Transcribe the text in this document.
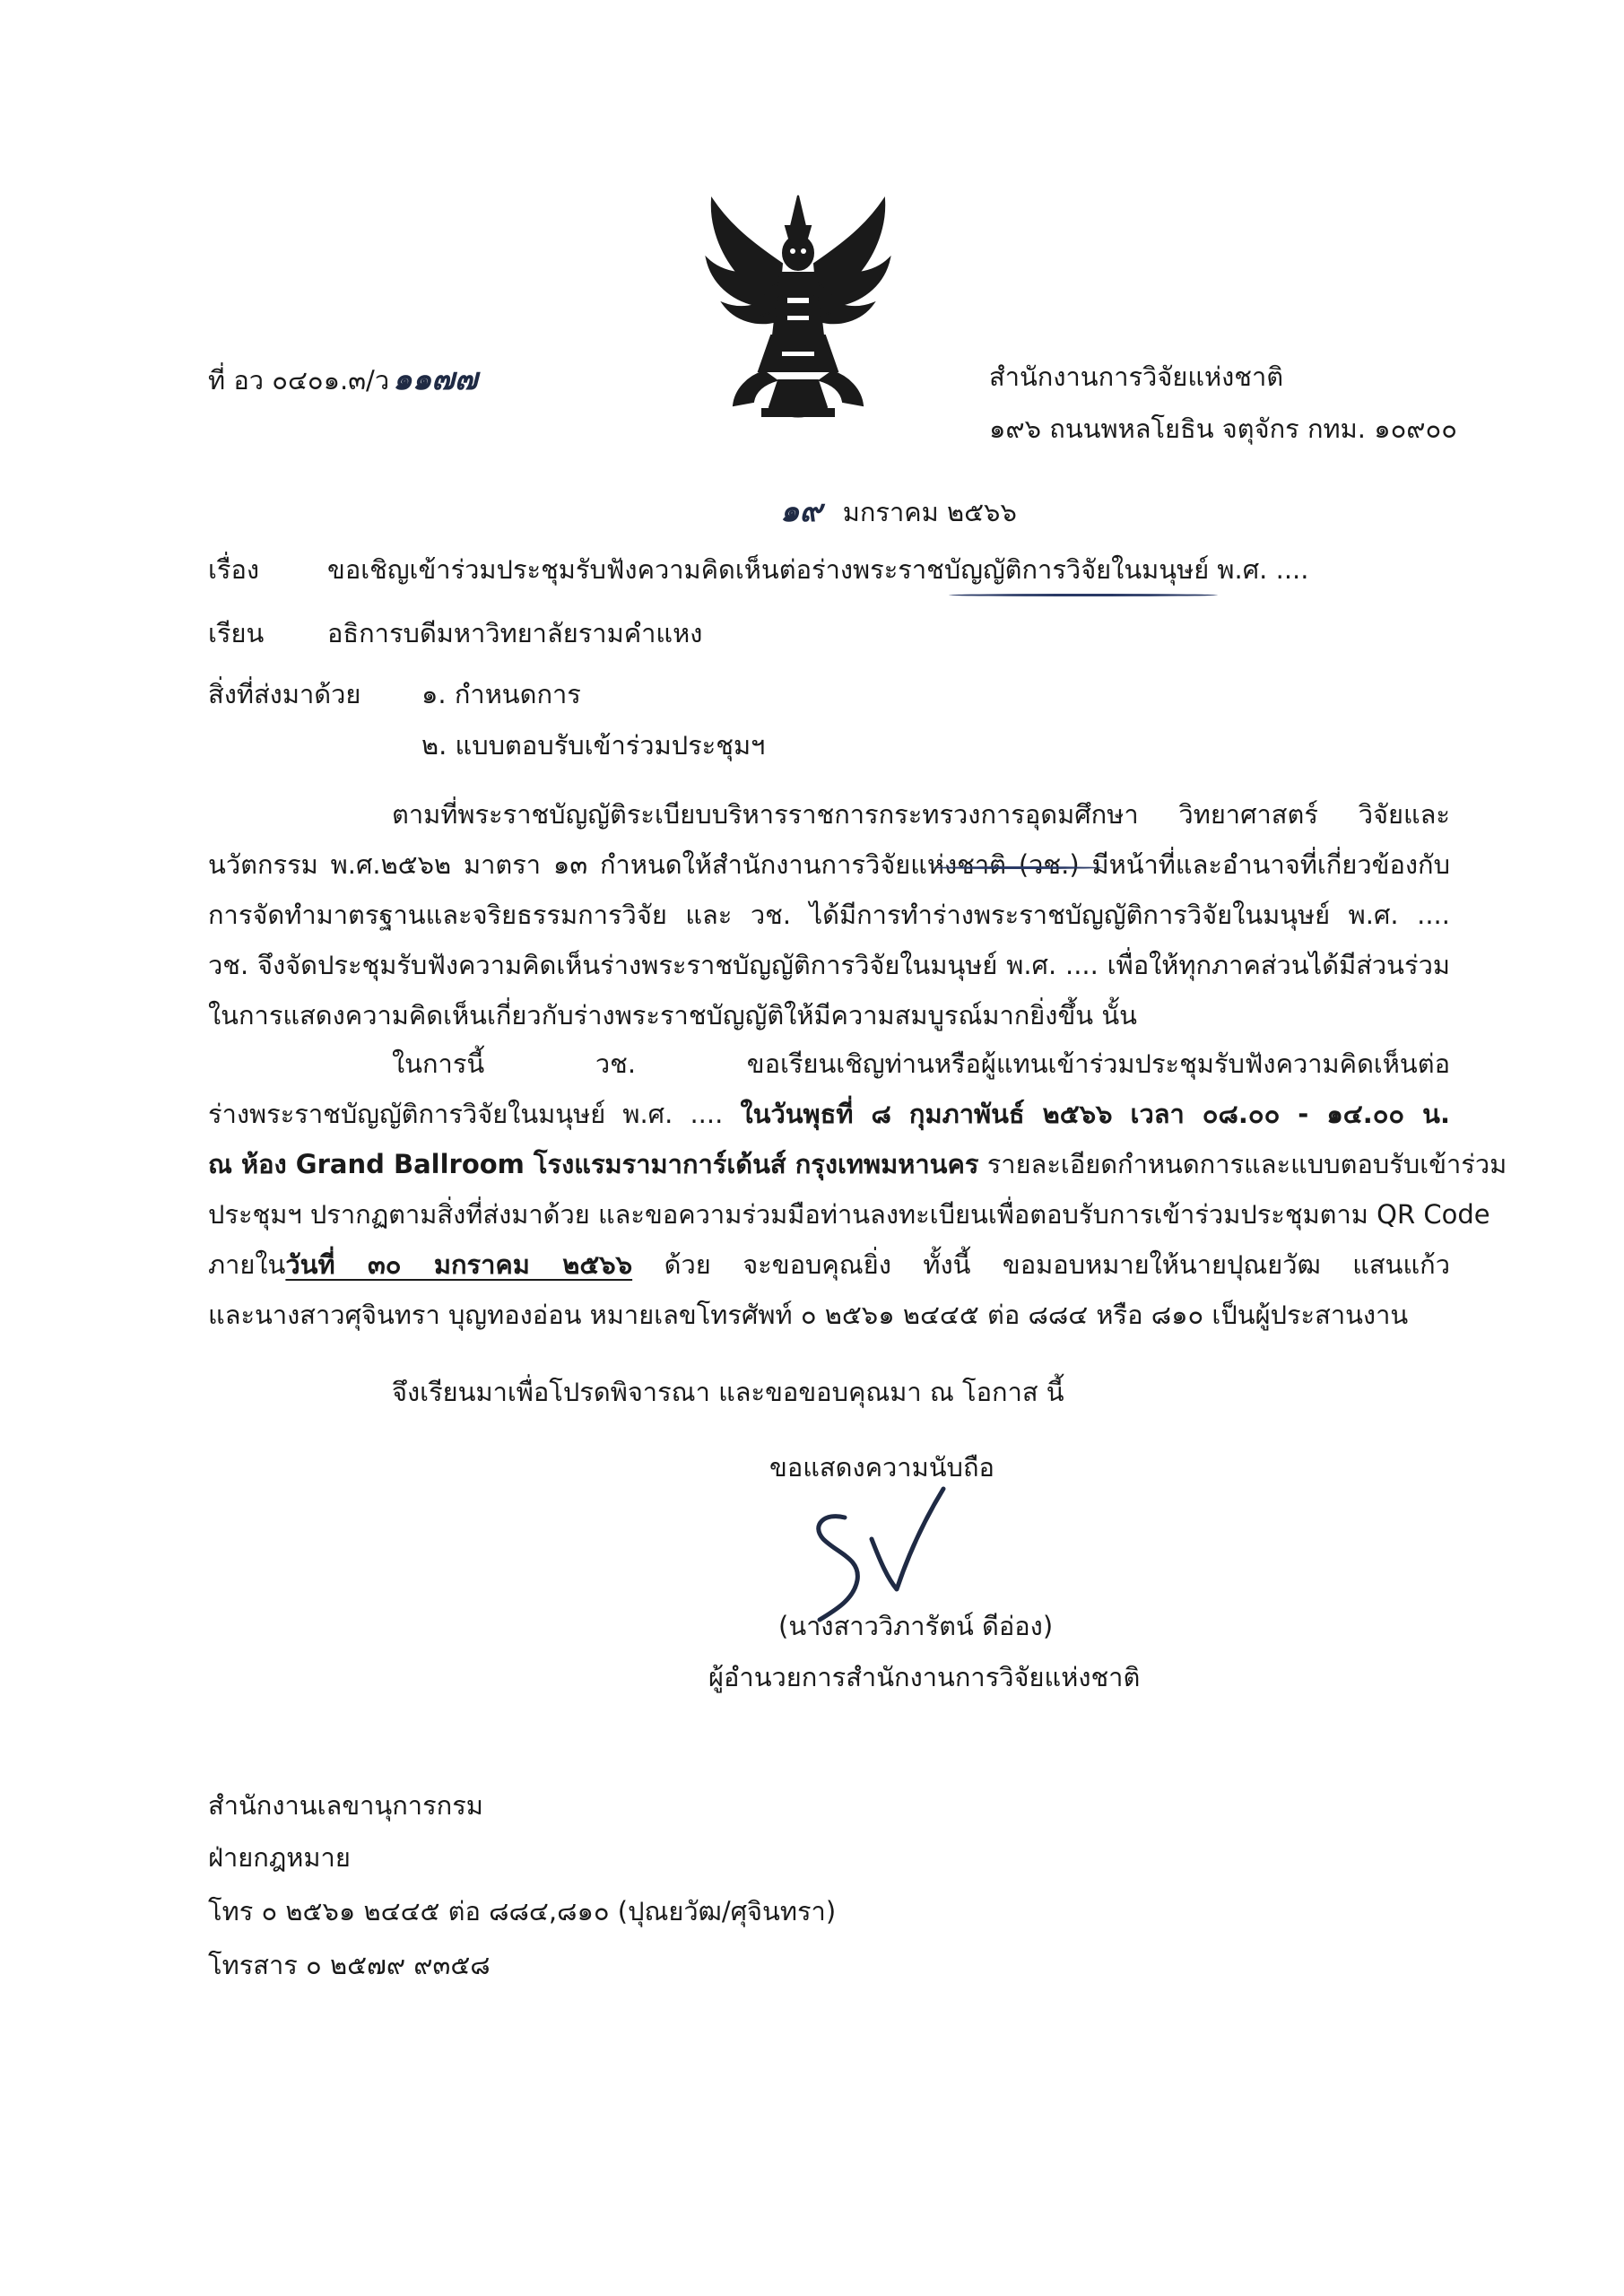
ที่ อว ๐๔๐๑.๓/ว ๑๑๗๗	สำนักงานการวิจัยแห่งชาติ
๑๙๖ ถนนพหลโยธิน จตุจักร กทม. ๑๐๙๐๐
๑๙ มกราคม ๒๕๖๖
เรื่อง	ขอเชิญเข้าร่วมประชุมรับฟังความคิดเห็นต่อร่างพระราชบัญญัติการวิจัยในมนุษย์ พ.ศ. ....
เรียน อธิการบดีมหาวิทยาลัยรามคำแหง
สิ่งที่ส่งมาด้วย ๑. กำหนดการ
๒. แบบตอบรับเข้าร่วมประชุมฯ
ตามที่พระราชบัญญัติระเบียบบริหารราชการกระทรวงการอุดมศึกษา วิทยาศาสตร์ วิจัยและ
นวัตกรรม พ.ศ.๒๕๖๒ มาตรา ๑๓ กำหนดให้สำนักงานการวิจัยแห่งชาติ (วช.) มีหน้าที่และอำนาจที่เกี่ยวข้องกับ
การจัดทำมาตรฐานและจริยธรรมการวิจัย และ วช. ได้มีการทำร่างพระราชบัญญัติการวิจัยในมนุษย์ พ.ศ. ....
วช. จึงจัดประชุมรับฟังความคิดเห็นร่างพระราชบัญญัติการวิจัยในมนุษย์ พ.ศ. .... เพื่อให้ทุกภาคส่วนได้มีส่วนร่วม
ในการแสดงความคิดเห็นเกี่ยวกับร่างพระราชบัญญัติให้มีความสมบูรณ์มากยิ่งขึ้น นั้น
ในการนี้ วช. ขอเรียนเชิญท่านหรือผู้แทนเข้าร่วมประชุมรับฟังความคิดเห็นต่อ
ร่างพระราชบัญญัติการวิจัยในมนุษย์ พ.ศ. .... ในวันพุธที่ ๘ กุมภาพันธ์ ๒๕๖๖ เวลา ๐๘.๐๐ - ๑๔.๐๐ น.
ณ ห้อง Grand Ballroom โรงแรมรามาการ์เด้นส์ กรุงเทพมหานคร รายละเอียดกำหนดการและแบบตอบรับเข้าร่วม
ประชุมฯ ปรากฏตามสิ่งที่ส่งมาด้วย และขอความร่วมมือท่านลงทะเบียนเพื่อตอบรับการเข้าร่วมประชุมตาม QR Code
ภายในวันที่ ๓๐ มกราคม ๒๕๖๖ ด้วย จะขอบคุณยิ่ง ทั้งนี้ ขอมอบหมายให้นายปุณยวัฒ แสนแก้ว
และนางสาวศุจินทรา บุญทองอ่อน หมายเลขโทรศัพท์ ๐ ๒๕๖๑ ๒๔๔๕ ต่อ ๘๘๔ หรือ ๘๑๐ เป็นผู้ประสานงาน
จึงเรียนมาเพื่อโปรดพิจารณา และขอขอบคุณมา ณ โอกาส นี้
ขอแสดงความนับถือ
(นางสาววิภารัตน์ ดีอ่อง)
ผู้อำนวยการสำนักงานการวิจัยแห่งชาติ
สำนักงานเลขานุการกรม
ฝ่ายกฎหมาย
โทร ๐ ๒๕๖๑ ๒๔๔๕ ต่อ ๘๘๔,๘๑๐ (ปุณยวัฒ/ศุจินทรา)
โทรสาร ๐ ๒๕๗๙ ๙๓๕๘
